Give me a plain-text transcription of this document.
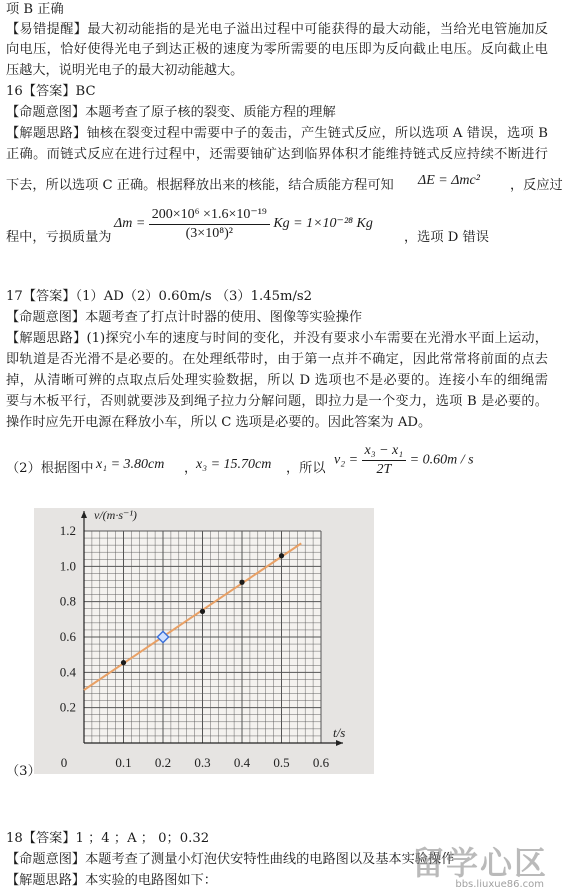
项 B 正确
【易错提醒】最大初动能指的是光电子溢出过程中可能获得的最大动能，当给光电管施加反
向电压，恰好使得光电子到达正极的速度为零所需要的电压即为反向截止电压。反向截止电
压越大，说明光电子的最大初动能越大。
16【答案】BC
【命题意图】本题考查了原子核的裂变、质能方程的理解
【解题思路】铀核在裂变过程中需要中子的轰击，产生链式反应，所以选项 A 错误，选项 B
正确。而链式反应在进行过程中，还需要铀矿达到临界体积才能维持链式反应持续不断进行
下去，所以选项 C 正确。根据释放出来的核能，结合质能方程可知 ΔE = Δmc² ，反应过
程中，亏损质量为
$\Delta m = \frac{\text{200×10⁶ ×1.6×10⁻¹⁹}}{\text{(3×10⁸)²}}$ Kg = 1×10⁻²⁸ Kg
，选项 D 错误
17【答案】（1）AD（2）0.60m/s （3）1.45m/s2
【命题意图】本题考查了打点计时器的使用、图像等实验操作
【解题思路】(1)探究小车的速度与时间的变化，并没有要求小车需要在光滑水平面上运动，
即轨道是否光滑不是必要的。在处理纸带时，由于第一点并不确定，因此常常将前面的点去
掉，从清晰可辨的点取点后处理实验数据，所以 D 选项也不是必要的。连接小车的细绳需
要与木板平行，否则就要涉及到绳子拉力分解问题，即拉力是一个变力，选项 B 是必要的。
操作时应先开电源在释放小车，所以 C 选项是必要的。因此答案为 AD。
（2）根据图中 x₁ = 3.80cm ，
x₃ = 15.70cm ，所以
$v_2 = \frac{\text{x₃ − x₁}}{2T} = 0.60m / s$
0.1 0.2 0.3 0.4 0.5 0.6
0.2
0.4
0.6
0.8
1.0
1.2
0
v/(m·s⁻¹)
t/s
（3）
18【答案】1 ；4 ；A ； 0；0.32
【命题意图】本题考查了测量小灯泡伏安特性曲线的电路图以及基本实验操作
【解题思路】本实验的电路图如下：	留学心区
bbs.liuxue86.com
